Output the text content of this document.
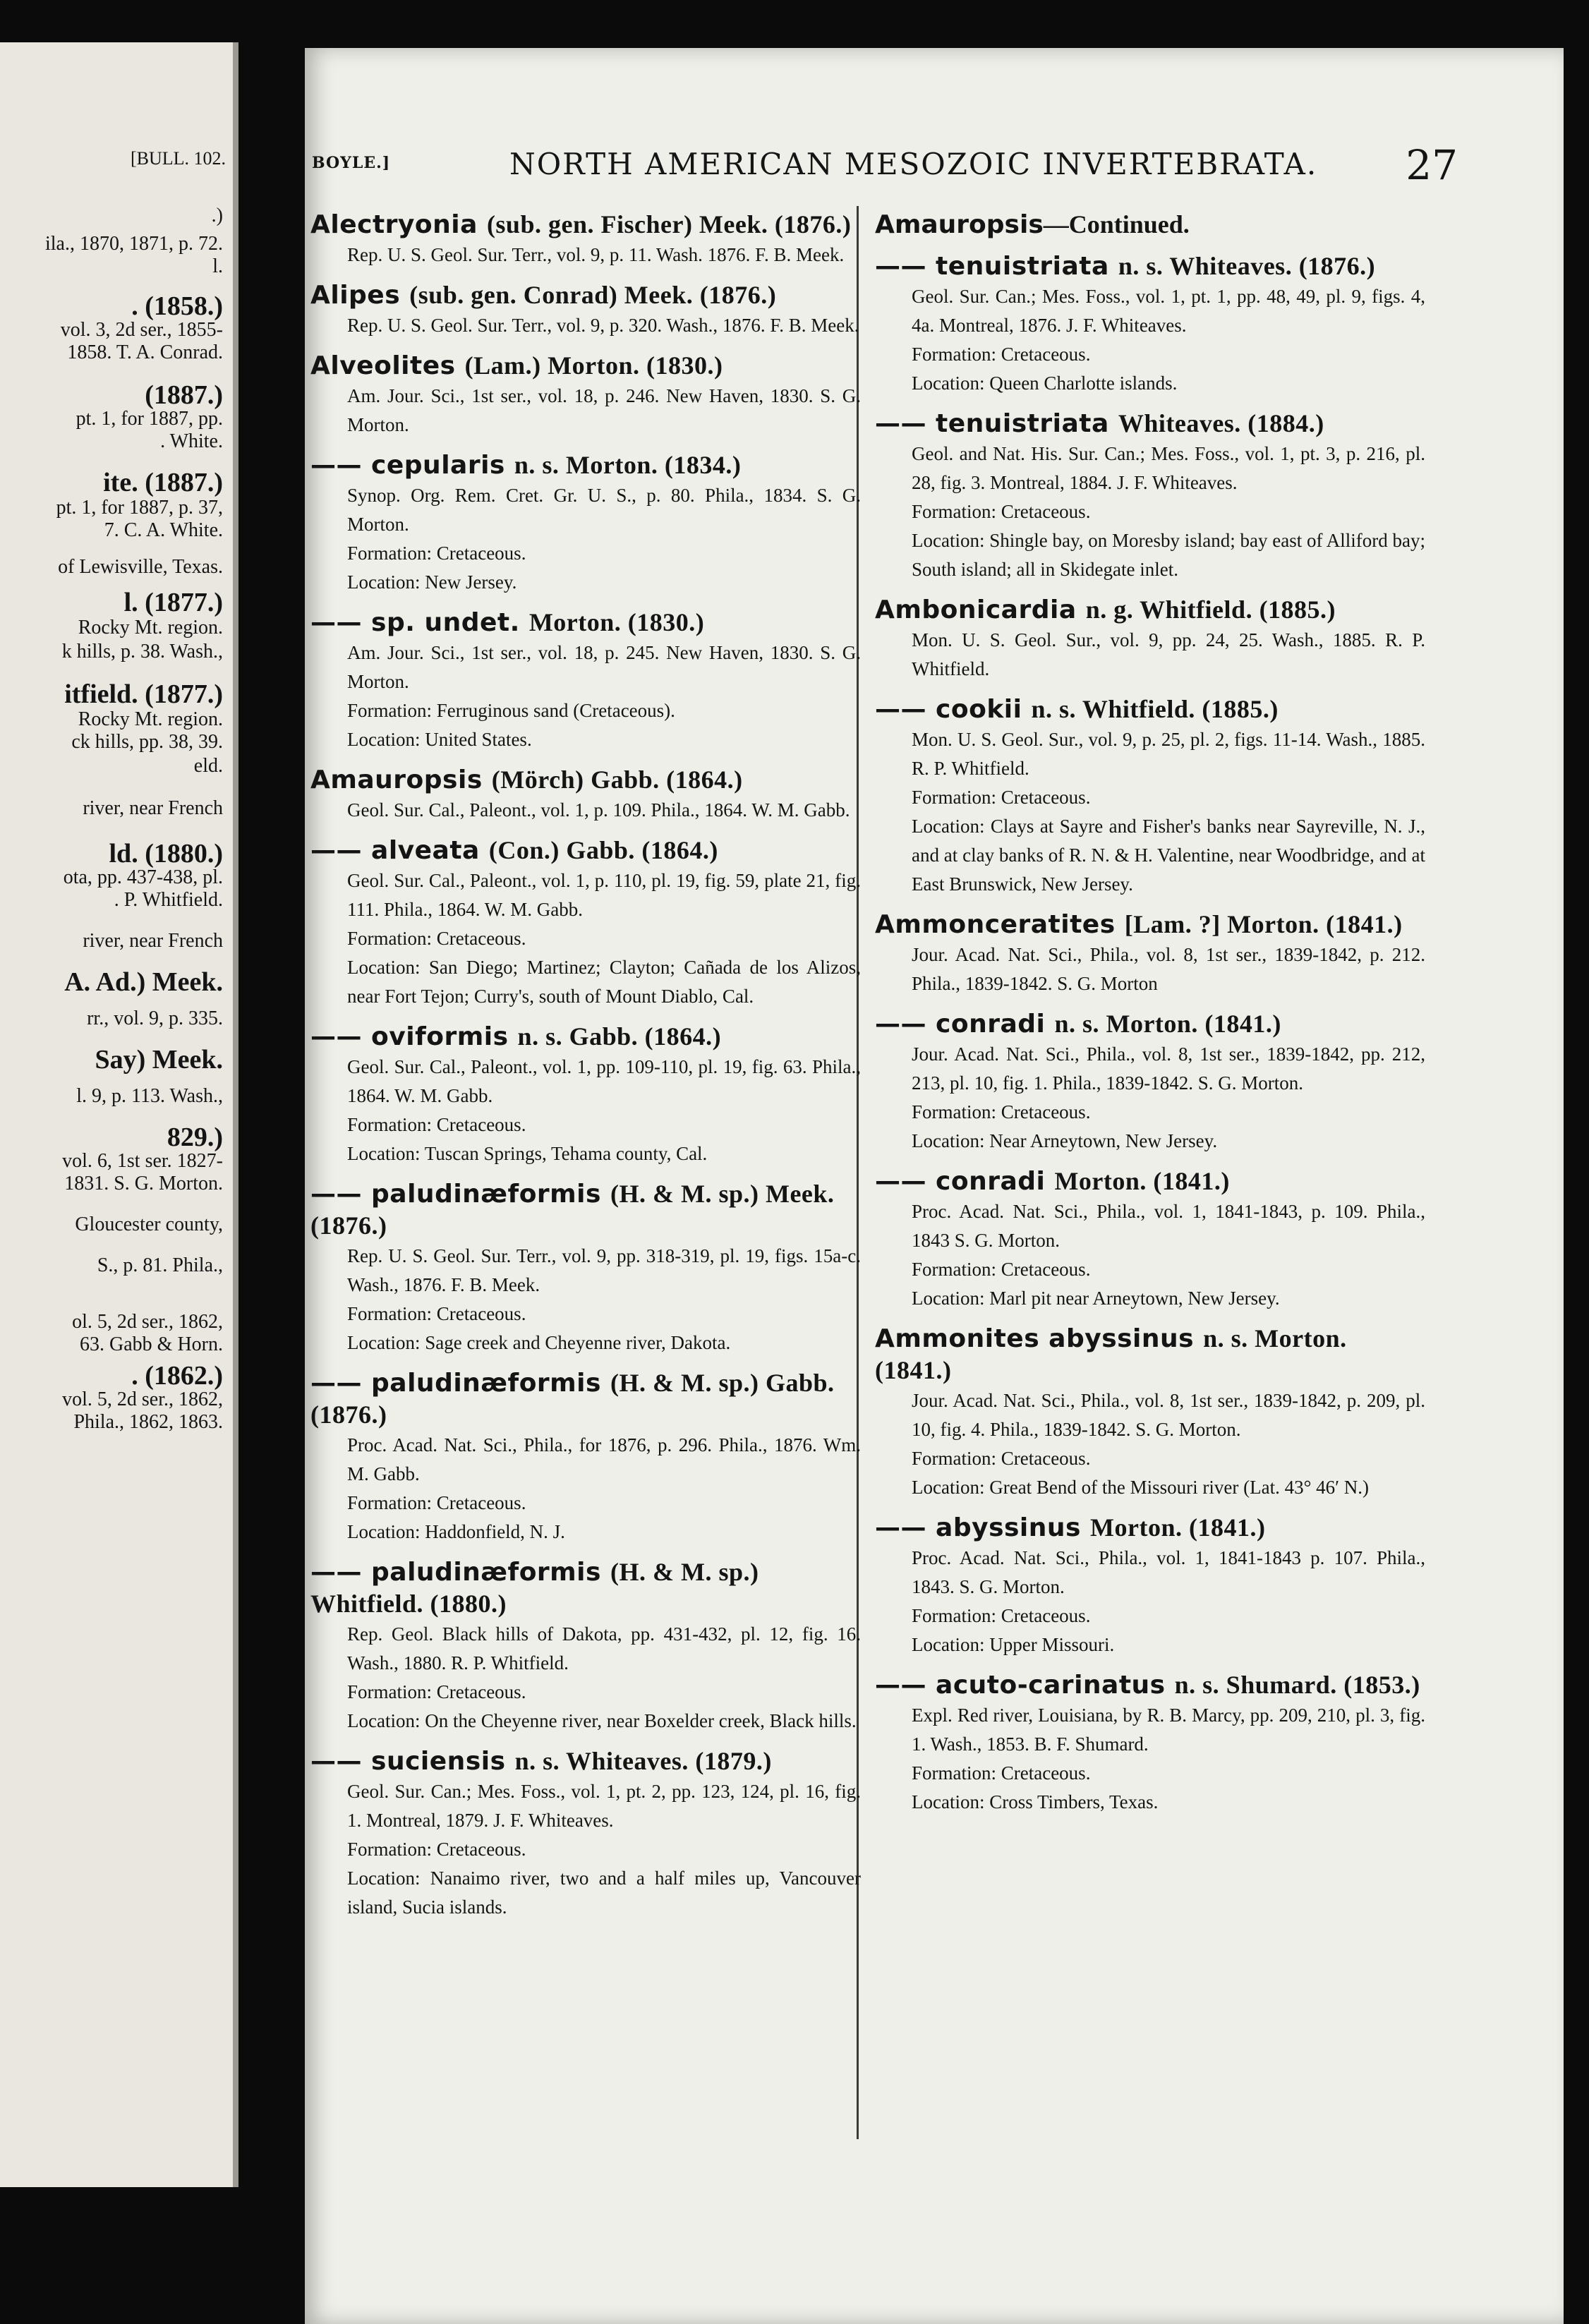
[BULL. 102.
.)
ila., 1870, 1871, p. 72.
l.
. (1858.)
vol. 3, 2d ser., 1855-
1858. T. A. Conrad.
(1887.)
pt. 1, for 1887, pp.
. White.
ite. (1887.)
pt. 1, for 1887, p. 37,
7. C. A. White.
of Lewisville, Texas.
l. (1877.)
Rocky Mt. region.
k hills, p. 38. Wash.,
itfield. (1877.)
Rocky Mt. region.
ck hills, pp. 38, 39.
eld.
river, near French
ld. (1880.)
ota, pp. 437-438, pl.
. P. Whitfield.
river, near French
A. Ad.) Meek.
rr., vol. 9, p. 335.
Say) Meek.
l. 9, p. 113. Wash.,
829.)
vol. 6, 1st ser. 1827-
1831. S. G. Morton.
Gloucester county,
S., p. 81. Phila.,
ol. 5, 2d ser., 1862,
63. Gabb & Horn.
. (1862.)
vol. 5, 2d ser., 1862,
Phila., 1862, 1863.
BOYLE.]	NORTH AMERICAN MESOZOIC INVERTEBRATA. 27
Alectryonia (sub. gen. Fischer) Meek. (1876.)
Rep. U. S. Geol. Sur. Terr., vol. 9, p. 11. Wash. 1876. F. B. Meek.
Alipes (sub. gen. Conrad) Meek. (1876.)
Rep. U. S. Geol. Sur. Terr., vol. 9, p. 320. Wash., 1876. F. B. Meek.
Alveolites (Lam.) Morton. (1830.)
Am. Jour. Sci., 1st ser., vol. 18, p. 246. New Haven, 1830. S. G. Morton.
—— cepularis n. s. Morton. (1834.)
Synop. Org. Rem. Cret. Gr. U. S., p. 80. Phila., 1834. S. G. Morton.
Formation: Cretaceous.
Location: New Jersey.
—— sp. undet. Morton. (1830.)
Am. Jour. Sci., 1st ser., vol. 18, p. 245. New Haven, 1830. S. G. Morton.
Formation: Ferruginous sand (Cretaceous).
Location: United States.
Amauropsis (Mörch) Gabb. (1864.)
Geol. Sur. Cal., Paleont., vol. 1, p. 109. Phila., 1864. W. M. Gabb.
—— alveata (Con.) Gabb. (1864.)
Geol. Sur. Cal., Paleont., vol. 1, p. 110, pl. 19, fig. 59, plate 21, fig. 111. Phila., 1864. W. M. Gabb.
Formation: Cretaceous.
Location: San Diego; Martinez; Clayton; Cañada de los Alizos, near Fort Tejon; Curry's, south of Mount Diablo, Cal.
—— oviformis n. s. Gabb. (1864.)
Geol. Sur. Cal., Paleont., vol. 1, pp. 109-110, pl. 19, fig. 63. Phila., 1864. W. M. Gabb.
Formation: Cretaceous.
Location: Tuscan Springs, Tehama county, Cal.
—— paludinæformis (H. & M. sp.) Meek. (1876.)
Rep. U. S. Geol. Sur. Terr., vol. 9, pp. 318-319, pl. 19, figs. 15a-c. Wash., 1876. F. B. Meek.
Formation: Cretaceous.
Location: Sage creek and Cheyenne river, Dakota.
—— paludinæformis (H. & M. sp.) Gabb. (1876.)
Proc. Acad. Nat. Sci., Phila., for 1876, p. 296. Phila., 1876. Wm. M. Gabb.
Formation: Cretaceous.
Location: Haddonfield, N. J.
—— paludinæformis (H. & M. sp.) Whitfield. (1880.)
Rep. Geol. Black hills of Dakota, pp. 431-432, pl. 12, fig. 16. Wash., 1880. R. P. Whitfield.
Formation: Cretaceous.
Location: On the Cheyenne river, near Boxelder creek, Black hills.
—— suciensis n. s. Whiteaves. (1879.)
Geol. Sur. Can.; Mes. Foss., vol. 1, pt. 2, pp. 123, 124, pl. 16, fig. 1. Montreal, 1879. J. F. Whiteaves.
Formation: Cretaceous.
Location: Nanaimo river, two and a half miles up, Vancouver island, Sucia islands.
Amauropsis—Continued.
—— tenuistriata n. s. Whiteaves. (1876.)
Geol. Sur. Can.; Mes. Foss., vol. 1, pt. 1, pp. 48, 49, pl. 9, figs. 4, 4a. Montreal, 1876. J. F. Whiteaves.
Formation: Cretaceous.
Location: Queen Charlotte islands.
—— tenuistriata Whiteaves. (1884.)
Geol. and Nat. His. Sur. Can.; Mes. Foss., vol. 1, pt. 3, p. 216, pl. 28, fig. 3. Montreal, 1884. J. F. Whiteaves.
Formation: Cretaceous.
Location: Shingle bay, on Moresby island; bay east of Alliford bay; South island; all in Skidegate inlet.
Ambonicardia n. g. Whitfield. (1885.)
Mon. U. S. Geol. Sur., vol. 9, pp. 24, 25. Wash., 1885. R. P. Whitfield.
—— cookii n. s. Whitfield. (1885.)
Mon. U. S. Geol. Sur., vol. 9, p. 25, pl. 2, figs. 11-14. Wash., 1885. R. P. Whitfield.
Formation: Cretaceous.
Location: Clays at Sayre and Fisher's banks near Sayreville, N. J., and at clay banks of R. N. & H. Valentine, near Woodbridge, and at East Brunswick, New Jersey.
Ammonceratites [Lam. ?] Morton. (1841.)
Jour. Acad. Nat. Sci., Phila., vol. 8, 1st ser., 1839-1842, p. 212. Phila., 1839-1842. S. G. Morton
—— conradi n. s. Morton. (1841.)
Jour. Acad. Nat. Sci., Phila., vol. 8, 1st ser., 1839-1842, pp. 212, 213, pl. 10, fig. 1. Phila., 1839-1842. S. G. Morton.
Formation: Cretaceous.
Location: Near Arneytown, New Jersey.
—— conradi Morton. (1841.)
Proc. Acad. Nat. Sci., Phila., vol. 1, 1841-1843, p. 109. Phila., 1843 S. G. Morton.
Formation: Cretaceous.
Location: Marl pit near Arneytown, New Jersey.
Ammonites abyssinus n. s. Morton. (1841.)
Jour. Acad. Nat. Sci., Phila., vol. 8, 1st ser., 1839-1842, p. 209, pl. 10, fig. 4. Phila., 1839-1842. S. G. Morton.
Formation: Cretaceous.
Location: Great Bend of the Missouri river (Lat. 43° 46′ N.)
—— abyssinus Morton. (1841.)
Proc. Acad. Nat. Sci., Phila., vol. 1, 1841-1843 p. 107. Phila., 1843. S. G. Morton.
Formation: Cretaceous.
Location: Upper Missouri.
—— acuto-carinatus n. s. Shumard. (1853.)
Expl. Red river, Louisiana, by R. B. Marcy, pp. 209, 210, pl. 3, fig. 1. Wash., 1853. B. F. Shumard.
Formation: Cretaceous.
Location: Cross Timbers, Texas.
